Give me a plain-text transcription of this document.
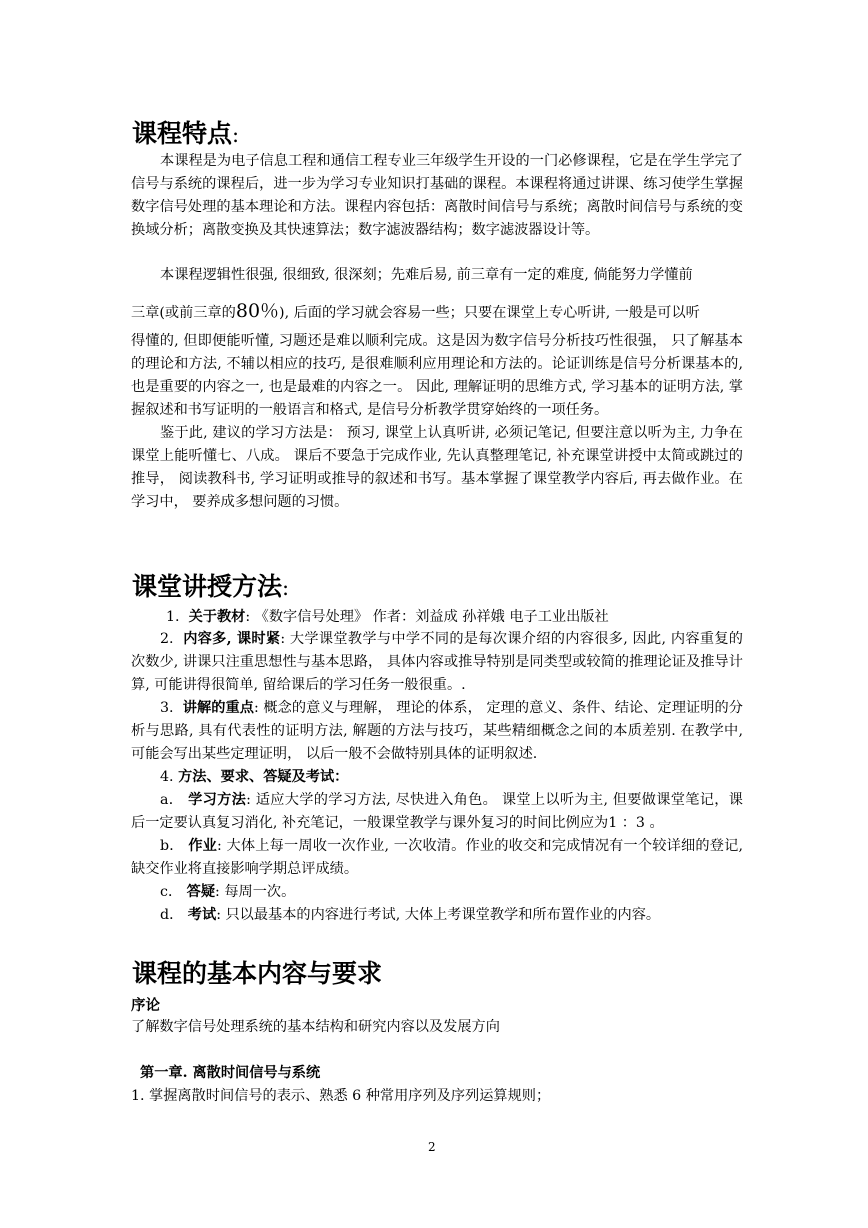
课程特点:

本课程是为电子信息工程和通信工程专业三年级学生开设的一门必修课程，它是在学生学完了信号与系统的课程后，进一步为学习专业知识打基础的课程。本课程将通过讲课、练习使学生掌握数字信号处理的基本理论和方法。课程内容包括：离散时间信号与系统；离散时间信号与系统的变换域分析；离散变换及其快速算法；数字滤波器结构；数字滤波器设计等。

本课程逻辑性很强, 很细致, 很深刻；先难后易, 前三章有一定的难度, 倘能努力学懂前
三章(或前三章的80％), 后面的学习就会容易一些；只要在课堂上专心听讲, 一般是可以听

得懂的, 但即便能听懂, 习题还是难以顺利完成。这是因为数字信号分析技巧性很强， 只了解基本的理论和方法, 不辅以相应的技巧, 是很难顺利应用理论和方法的。论证训练是信号分析课基本的,也是重要的内容之一, 也是最难的内容之一。 因此, 理解证明的思维方式, 学习基本的证明方法, 掌握叙述和书写证明的一般语言和格式, 是信号分析教学贯穿始终的一项任务。

鉴于此, 建议的学习方法是： 预习, 课堂上认真听讲, 必须记笔记, 但要注意以听为主, 力争在课堂上能听懂七、八成。 课后不要急于完成作业, 先认真整理笔记, 补充课堂讲授中太简或跳过的推导， 阅读教科书, 学习证明或推导的叙述和书写。基本掌握了课堂教学内容后, 再去做作业。在学习中， 要养成多想问题的习惯。

课堂讲授方法:
1. 关于教材: 《数字信号处理》 作者：刘益成 孙祥娥 电子工业出版社

2. 内容多, 课时紧: 大学课堂教学与中学不同的是每次课介绍的内容很多, 因此, 内容重复的次数少, 讲课只注重思想性与基本思路， 具体内容或推导特别是同类型或较简的推理论证及推导计算, 可能讲得很简单, 留给课后的学习任务一般很重。.

3. 讲解的重点: 概念的意义与理解， 理论的体系， 定理的意义、条件、结论、定理证明的分析与思路, 具有代表性的证明方法, 解题的方法与技巧，某些精细概念之间的本质差别. 在教学中, 可能会写出某些定理证明， 以后一般不会做特别具体的证明叙述.

4. 方法、要求、答疑及考试：

a． 学习方法: 适应大学的学习方法, 尽快进入角色。 课堂上以听为主, 但要做课堂笔记，课后一定要认真复习消化, 补充笔记，一般课堂教学与课外复习的时间比例应为1 ：3 。

b． 作业: 大体上每一周收一次作业, 一次收清。作业的收交和完成情况有一个较详细的登记, 缺交作业将直接影响学期总评成绩。

c． 答疑: 每周一次。

d． 考试: 只以最基本的内容进行考试, 大体上考课堂教学和所布置作业的内容。

课程的基本内容与要求
序论
了解数字信号处理系统的基本结构和研究内容以及发展方向
第一章. 离散时间信号与系统
1. 掌握离散时间信号的表示、熟悉 6 种常用序列及序列运算规则；
2
